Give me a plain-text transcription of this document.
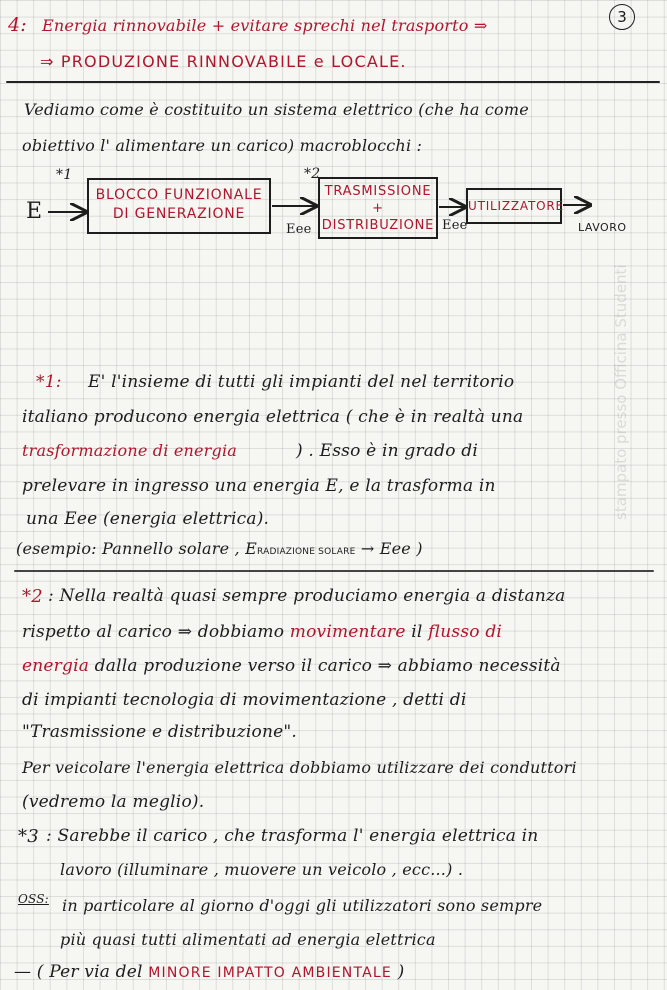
3
4: Energia rinnovabile + evitare sprechi nel trasporto ⇒
⇒ PRODUZIONE RINNOVABILE e LOCALE.
Vediamo come è costituito un sistema elettrico (che ha come
obiettivo l' alimentare un carico) macroblocchi :
E
*1	*2
BLOCCO FUNZIONALE
DI GENERAZIONE
TRASMISSIONE
+
DISTRIBUZIONE
UTILIZZATORE
Eee	Eee	LAVORO
*1: E' l'insieme di tutti gli impianti del nel territorio
italiano producono energia elettrica ( che è in realtà una
trasformazione di energia	) . Esso è in grado di
prelevare in ingresso una energia E, e la trasforma in
una Eee (energia elettrica).
(esempio: Pannello solare , ERADIAZIONE SOLARE → Eee )
*2 : Nella realtà quasi sempre produciamo energia a distanza
rispetto al carico ⇒ dobbiamo movimentare il flusso di
energia dalla produzione verso il carico ⇒ abbiamo necessità
di impianti tecnologia di movimentazione , detti di
"Trasmissione e distribuzione".
Per veicolare l'energia elettrica dobbiamo utilizzare dei conduttori
(vedremo la meglio).
*3 : Sarebbe il carico , che trasforma l' energia elettrica in
lavoro (illuminare , muovere un veicolo , ecc...) .
OSS: in particolare al giorno d'oggi gli utilizzatori sono sempre
più quasi tutti alimentati ad energia elettrica
— ( Per via del MINORE IMPATTO AMBIENTALE )
stampato presso Officina Studenti
